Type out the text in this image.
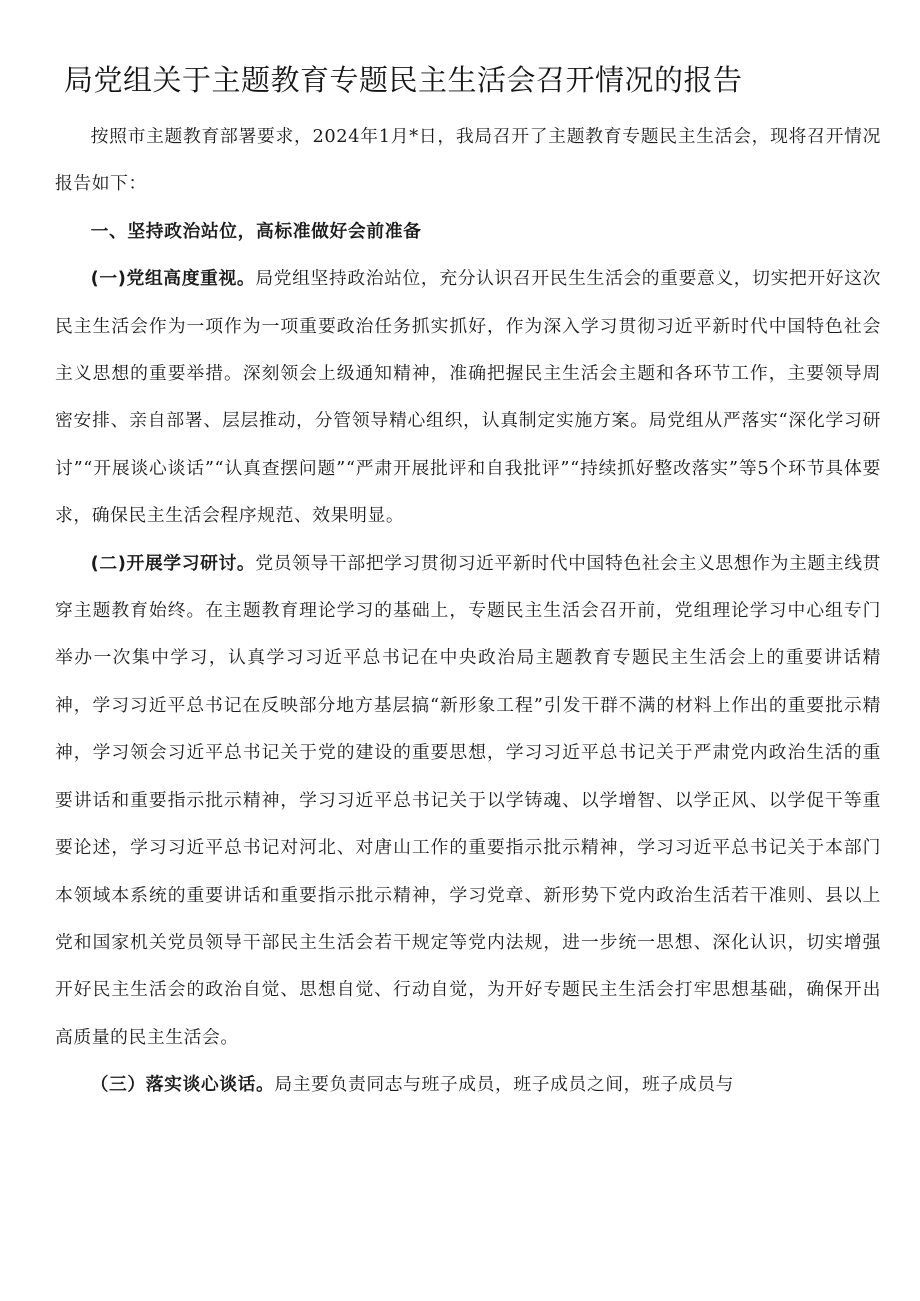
局党组关于主题教育专题民主生活会召开情况的报告

按照市主题教育部署要求，2024年1月*日，我局召开了主题教育专题民主生活会，现将召开情况报告如下：

一、坚持政治站位，高标准做好会前准备

(一)党组高度重视。局党组坚持政治站位，充分认识召开民生生活会的重要意义，切实把开好这次民主生活会作为一项作为一项重要政治任务抓实抓好，作为深入学习贯彻习近平新时代中国特色社会主义思想的重要举措。深刻领会上级通知精神，准确把握民主生活会主题和各环节工作，主要领导周密安排、亲自部署、层层推动，分管领导精心组织，认真制定实施方案。局党组从严落实“深化学习研讨”“开展谈心谈话”“认真查摆问题”“严肃开展批评和自我批评”“持续抓好整改落实”等5个环节具体要求，确保民主生活会程序规范、效果明显。

(二)开展学习研讨。党员领导干部把学习贯彻习近平新时代中国特色社会主义思想作为主题主线贯穿主题教育始终。在主题教育理论学习的基础上，专题民主生活会召开前，党组理论学习中心组专门举办一次集中学习，认真学习习近平总书记在中央政治局主题教育专题民主生活会上的重要讲话精神，学习习近平总书记在反映部分地方基层搞“新形象工程”引发干群不满的材料上作出的重要批示精神，学习领会习近平总书记关于党的建设的重要思想，学习习近平总书记关于严肃党内政治生活的重要讲话和重要指示批示精神，学习习近平总书记关于以学铸魂、以学增智、以学正风、以学促干等重要论述，学习习近平总书记对河北、对唐山工作的重要指示批示精神，学习习近平总书记关于本部门本领域本系统的重要讲话和重要指示批示精神，学习党章、新形势下党内政治生活若干准则、县以上党和国家机关党员领导干部民主生活会若干规定等党内法规，进一步统一思想、深化认识，切实增强开好民主生活会的政治自觉、思想自觉、行动自觉，为开好专题民主生活会打牢思想基础，确保开出高质量的民主生活会。

（三）落实谈心谈话。局主要负责同志与班子成员，班子成员之间，班子成员与
